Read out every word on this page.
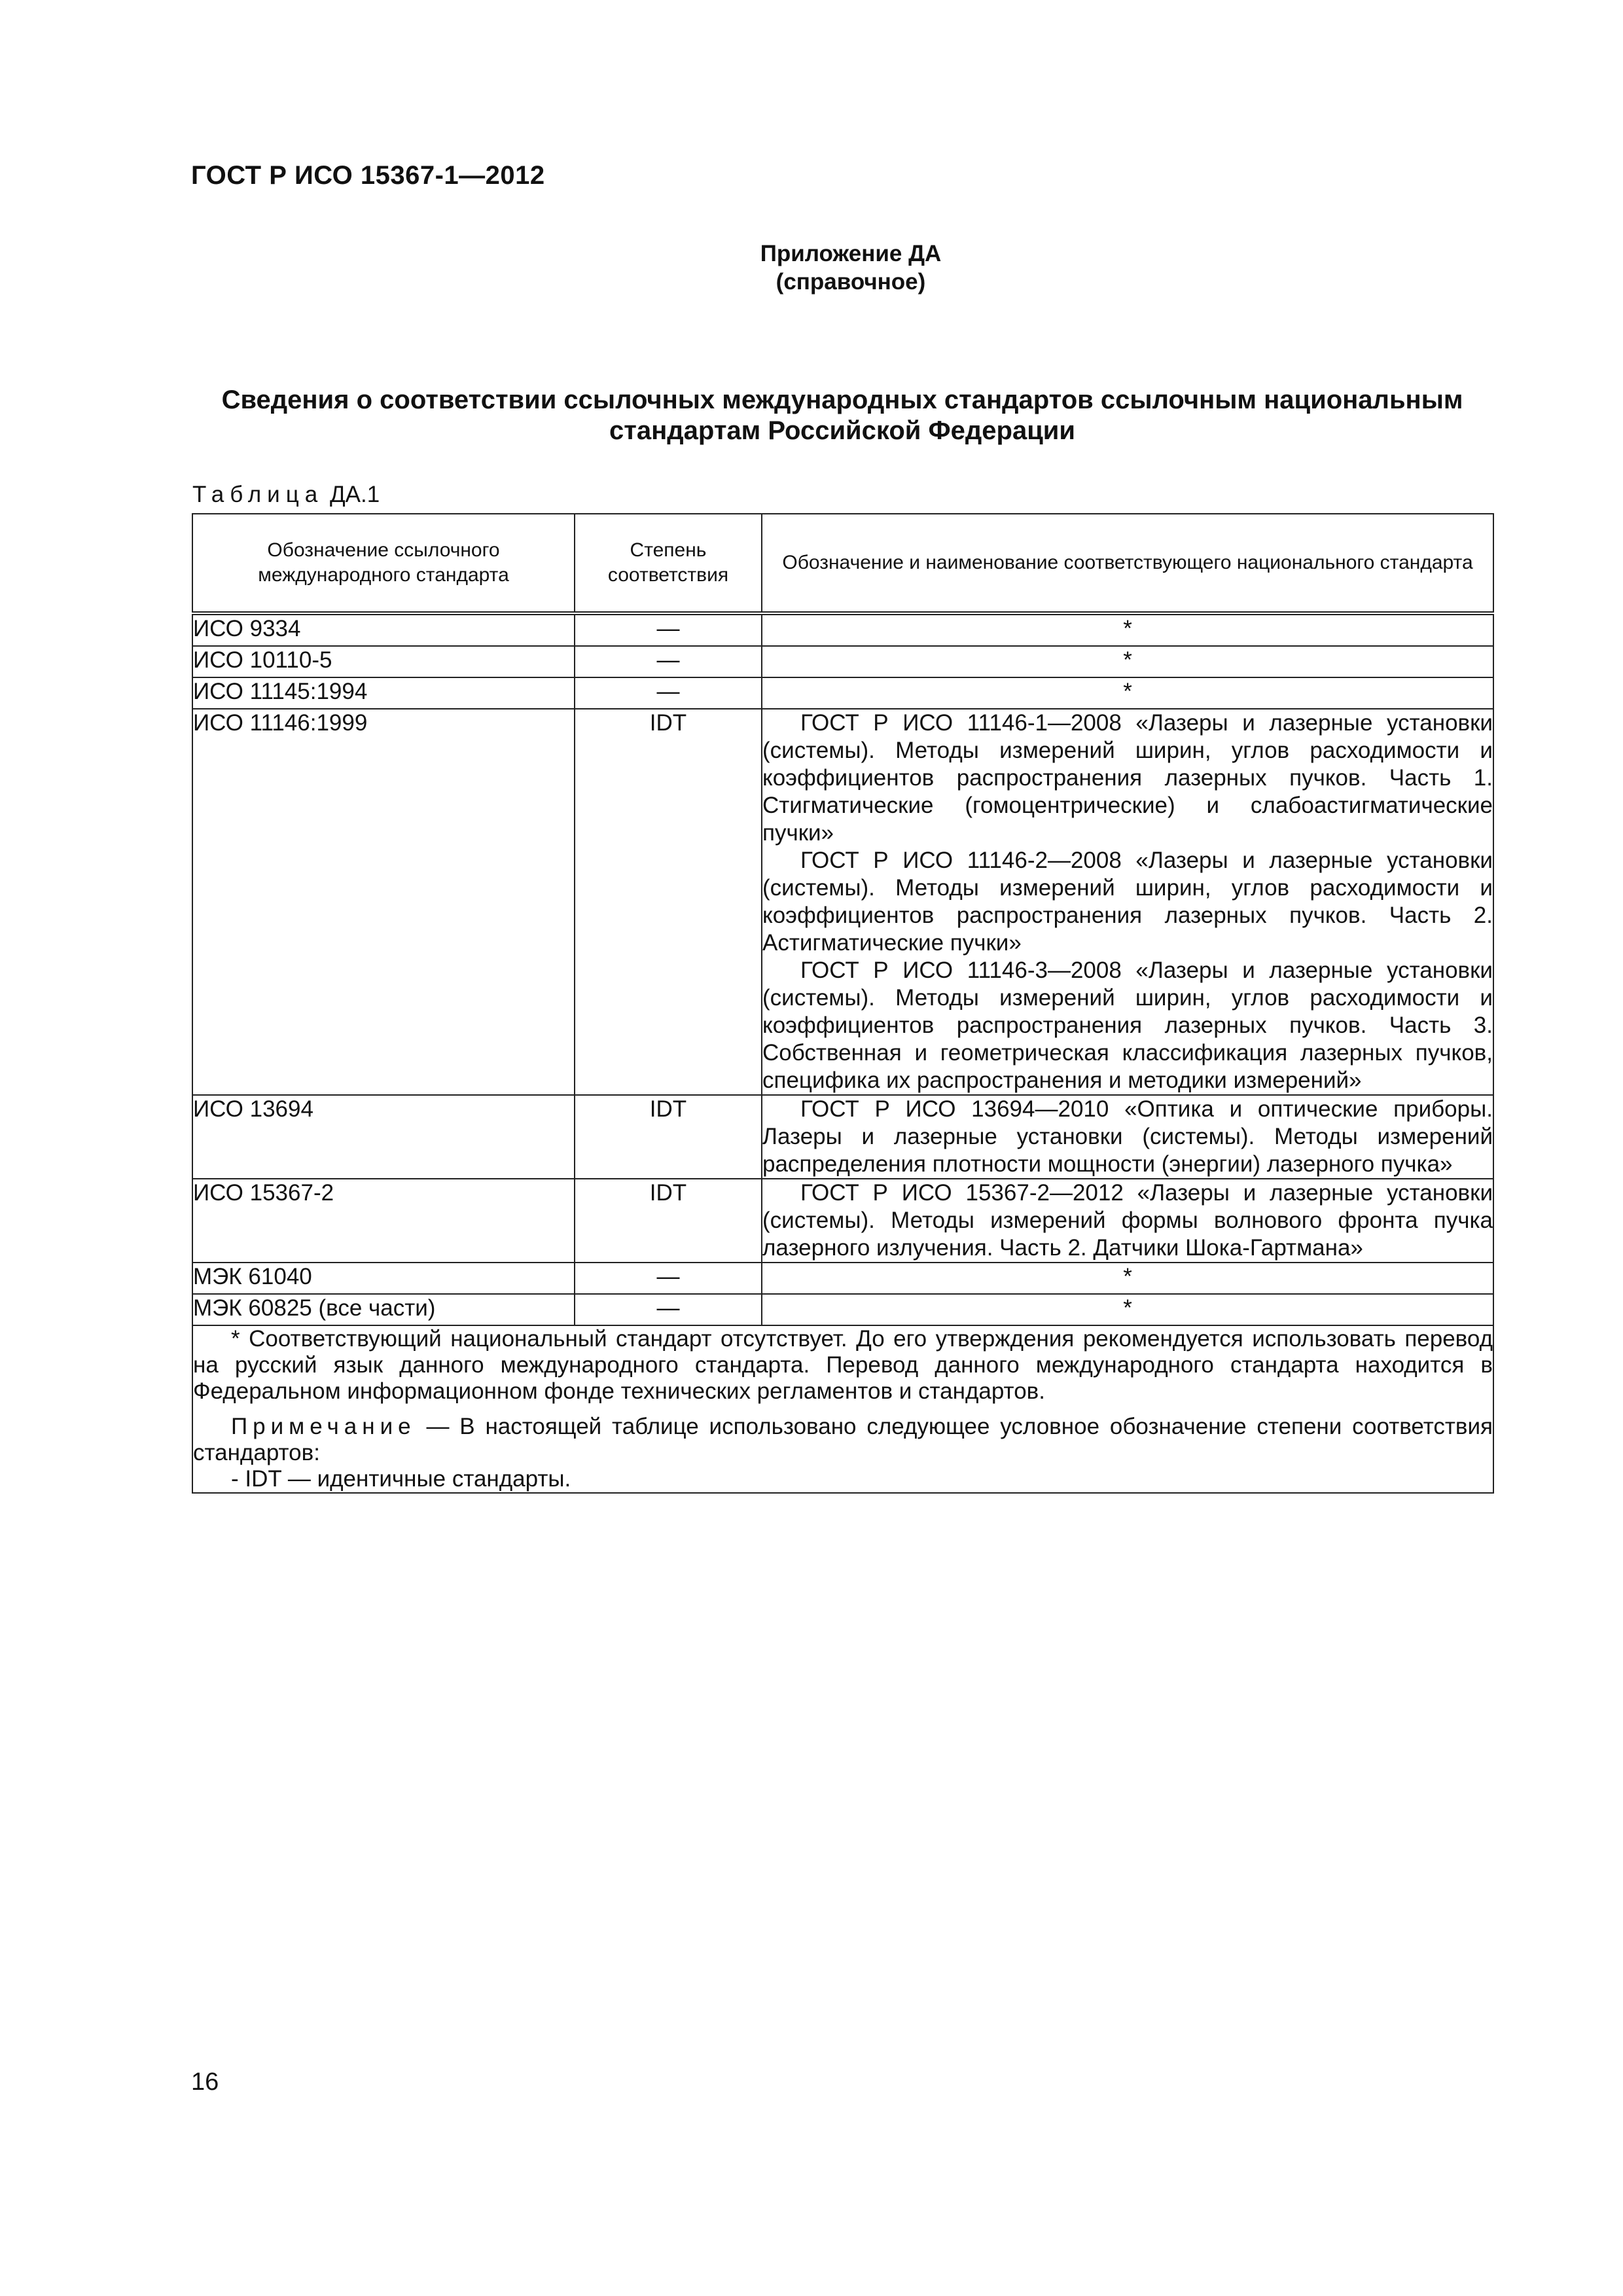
ГОСТ Р ИСО 15367-1—2012
Приложение ДА
(справочное)
Сведения о соответствии ссылочных международных стандартов ссылочным национальным
стандартам Российской Федерации
Таблица ДА.1
Обозначение ссылочного международного стандарта	Степень соответствия	Обозначение и наименование соответствующего национального стандарта
ИСО 9334	—	*
ИСО 10110-5	—	*
ИСО 11145:1994	—	*
ИСО 11146:1999	IDT	ГОСТ Р ИСО 11146-1—2008 «Лазеры и лазерные установки (системы). Методы измерений ширин, углов расходимости и коэффициентов распространения лазерных пучков. Часть 1. Стигматические (гомоцентрические) и слабоастигматические пучки»

ГОСТ Р ИСО 11146-2—2008 «Лазеры и лазерные установки (системы). Методы измерений ширин, углов расходимости и коэффициентов распространения лазерных пучков. Часть 2. Астигматические пучки»

ГОСТ Р ИСО 11146-3—2008 «Лазеры и лазерные установки (системы). Методы измерений ширин, углов расходимости и коэффициентов распространения лазерных пучков. Часть 3. Собственная и геометрическая классификация лазерных пучков, специфика их распространения и методики измерений»

ИСО 13694	IDT	ГОСТ Р ИСО 13694—2010 «Оптика и оптические приборы. Лазеры и лазерные установки (системы). Методы измерений распределения плотности мощности (энергии) лазерного пучка»

ИСО 15367-2	IDT	ГОСТ Р ИСО 15367-2—2012 «Лазеры и лазерные установки (системы). Методы измерений формы волнового фронта пучка лазерного излучения. Часть 2. Датчики Шока-Гартмана»

МЭК 61040	—	*
МЭК 60825 (все части)	—	*

* Соответствующий национальный стандарт отсутствует. До его утверждения рекомендуется использовать перевод на русский язык данного международного стандарта. Перевод данного международного стандарта находится в Федеральном информационном фонде технических регламентов и стандартов.

Примечание — В настоящей таблице использовано следующее условное обозначение степени соответствия стандартов:

- IDT — идентичные стандарты.		

16
